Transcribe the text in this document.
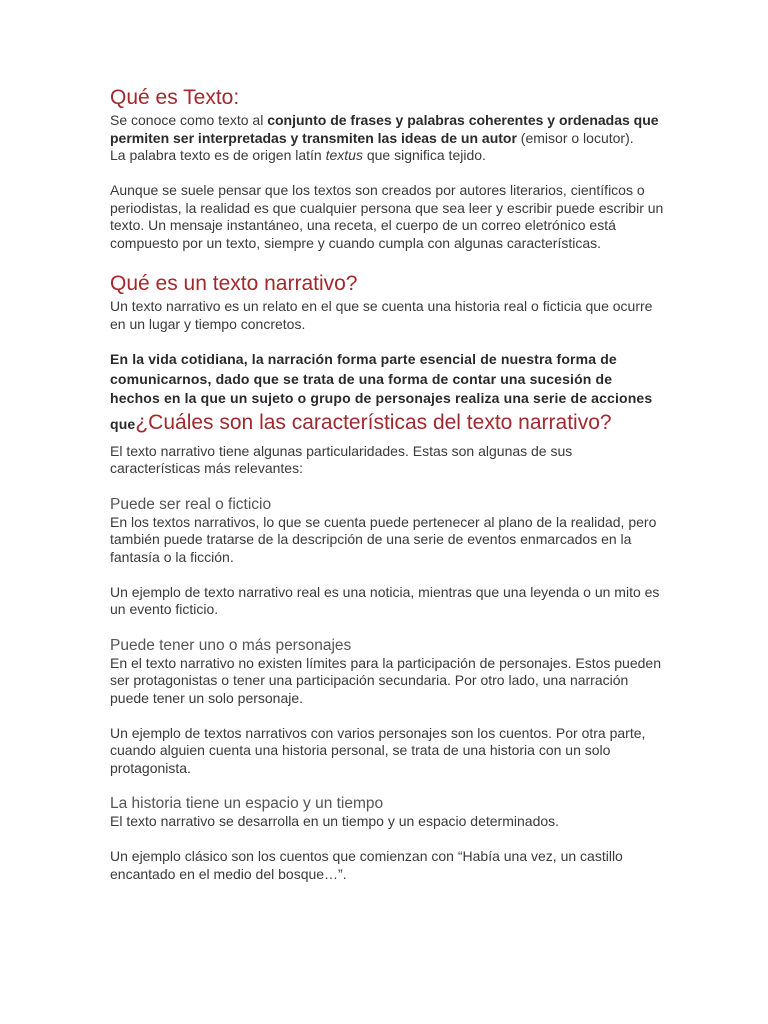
Qué es Texto:

Se conoce como texto al conjunto de frases y palabras coherentes y ordenadas que permiten ser interpretadas y transmiten las ideas de un autor (emisor o locutor).

La palabra texto es de origen latín textus que significa tejido.

Aunque se suele pensar que los textos son creados por autores literarios, científicos o periodistas, la realidad es que cualquier persona que sea leer y escribir puede escribir un texto. Un mensaje instantáneo, una receta, el cuerpo de un correo eletrónico está compuesto por un texto, siempre y cuando cumpla con algunas características.

Qué es un texto narrativo?

Un texto narrativo es un relato en el que se cuenta una historia real o ficticia que ocurre en un lugar y tiempo concretos.

En la vida cotidiana, la narración forma parte esencial de nuestra forma de comunicarnos, dado que se trata de una forma de contar una sucesión de hechos en la que un sujeto o grupo de personajes realiza una serie de acciones que¿Cuáles son las características del texto narrativo?

El texto narrativo tiene algunas particularidades. Estas son algunas de sus características más relevantes:

Puede ser real o ficticio

En los textos narrativos, lo que se cuenta puede pertenecer al plano de la realidad, pero también puede tratarse de la descripción de una serie de eventos enmarcados en la fantasía o la ficción.

Un ejemplo de texto narrativo real es una noticia, mientras que una leyenda o un mito es un evento ficticio.

Puede tener uno o más personajes

En el texto narrativo no existen límites para la participación de personajes. Estos pueden ser protagonistas o tener una participación secundaria. Por otro lado, una narración puede tener un solo personaje.

Un ejemplo de textos narrativos con varios personajes son los cuentos. Por otra parte, cuando alguien cuenta una historia personal, se trata de una historia con un solo protagonista.

La historia tiene un espacio y un tiempo

El texto narrativo se desarrolla en un tiempo y un espacio determinados.

Un ejemplo clásico son los cuentos que comienzan con “Había una vez, un castillo encantado en el medio del bosque…”.
